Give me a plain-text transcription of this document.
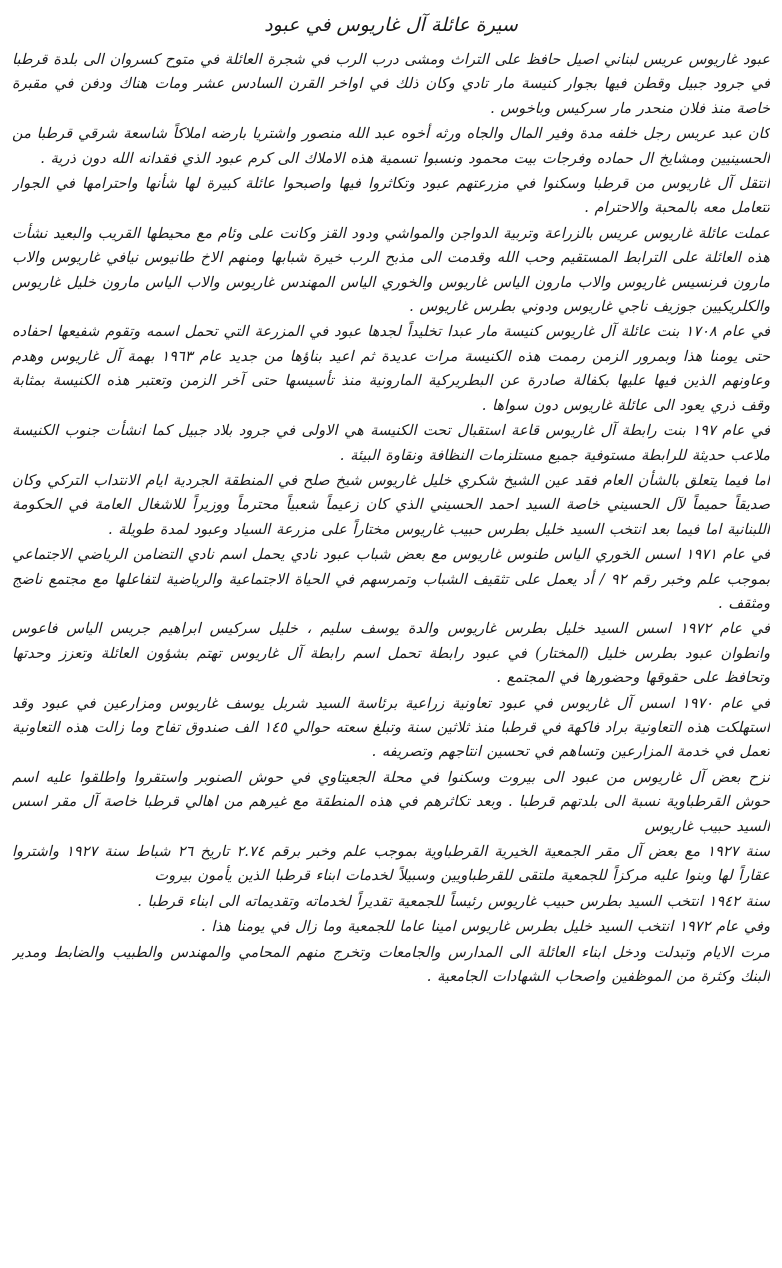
سيرة عائلة آل غاريوس في عبود

عبود غاريوس عريس لبناني اصيل حافظ على التراث ومشى درب الرب في شجرة العائلة في متوح كسروان الى بلدة قرطبا في جرود جبيل وقطن فيها بجوار كنيسة مار تادي وكان ذلك في اواخر القرن السادس عشر ومات هناك ودفن في مقبرة خاصة منذ فلان منحدر مار سركيس وباخوس .

كان عبد عريس رجل خلفه مدة وفير المال والجاه ورثه أخوه عبد الله منصور واشتريا بارضه املاكاً شاسعة شرقي قرطبا من الحسينيين ومشايخ ال حماده وفرجات بيت محمود ونسبوا تسمية هذه الاملاك الى كرم عبود الذي فقدانه الله دون ذرية .

انتقل آل غاريوس من قرطبا وسكنوا في مزرعتهم عبود وتكاثروا فيها واصبحوا عائلة كبيرة لها شأنها واحترامها في الجوار تتعامل معه بالمحبة والاحترام .

عملت عائلة غاريوس عريس بالزراعة وتربية الدواجن والمواشي ودود القز وكانت على وئام مع محيطها القريب والبعيد نشأت هذه العائلة على الترابط المستقيم وحب الله وقدمت الى مذبح الرب خيرة شبابها ومنهم الاخ طانيوس نيافي غاريوس والاب مارون فرنسيس غاريوس والاب مارون الياس غاريوس والخوري الياس المهندس غاريوس والاب الياس مارون خليل غاريوس والكلريكيين جوزيف ناجي غاريوس ودوني بطرس غاريوس .

في عام ١٧٠٨ بنت عائلة آل غاريوس كنيسة مار عبدا تخليداً لجدها عبود في المزرعة التي تحمل اسمه وتقوم شفيعها احفاده حتى يومنا هذا وبمرور الزمن رممت هذه الكنيسة مرات عديدة ثم اعيد بناؤها من جديد عام ١٩٦٣ بهمة آل غاريوس وهدم وعاونهم الذين فيها عليها بكفالة صادرة عن البطريركية المارونية منذ تأسيسها حتى آخر الزمن وتعتبر هذه الكنيسة بمثابة وقف ذري يعود الى عائلة غاريوس دون سواها .

في عام ١٩٧ بنت رابطة آل غاريوس قاعة استقبال تحت الكنيسة هي الاولى في جرود بلاد جبيل كما انشأت جنوب الكنيسة ملاعب حديثة للرابطة مستوفية جميع مستلزمات النظافة ونقاوة البيئة .

اما فيما يتعلق بالشأن العام فقد عين الشيخ شكري خليل غاريوس شيخ صلح في المنطقة الجردية ايام الانتداب التركي وكان صديقاً حميماً لآل الحسيني خاصة السيد احمد الحسيني الذي كان زعيماً شعبياً محترماً ووزيراً للاشغال العامة في الحكومة اللبنانية اما فيما بعد انتخب السيد خليل بطرس حبيب غاريوس مختاراً على مزرعة السياد وعبود لمدة طويلة .

في عام ١٩٧١ اسس الخوري الياس طنوس غاريوس مع بعض شباب عبود نادي يحمل اسم نادي التضامن الرياضي الاجتماعي بموجب علم وخبر رقم ٩٢ / أد يعمل على تثقيف الشباب وتمرسهم في الحياة الاجتماعية والرياضية لتفاعلها مع مجتمع ناضج ومثقف .

في عام ١٩٧٢ اسس السيد خليل بطرس غاريوس والدة يوسف سليم ، خليل سركيس ابراهيم جريس الياس فاعوس وانطوان عبود بطرس خليل (المختار) في عبود رابطة تحمل اسم رابطة آل غاريوس تهتم بشؤون العائلة وتعزز وحدتها وتحافظ على حقوقها وحضورها في المجتمع .

في عام ١٩٧٠ اسس آل غاريوس في عبود تعاونية زراعية برئاسة السيد شربل يوسف غاريوس ومزارعين في عبود وقد استهلكت هذه التعاونية براد فاكهة في قرطبا منذ ثلاثين سنة وتبلغ سعته حوالي ١٤٥ الف صندوق تفاح وما زالت هذه التعاونية تعمل في خدمة المزارعين وتساهم في تحسين انتاجهم وتصريفه .

نزح بعض آل غاريوس من عبود الى بيروت وسكنوا في محلة الجعيتاوي في حوش الصنوبر واستقروا واطلقوا عليه اسم حوش القرطباوية نسبة الى بلدتهم قرطبا . وبعد تكاثرهم في هذه المنطقة مع غيرهم من اهالي قرطبا خاصة آل مقر اسس السيد حبيب غاريوس

سنة ١٩٢٧ مع بعض آل مقر الجمعية الخيرية القرطباوية بموجب علم وخبر برقم ٢.٧٤ تاريخ ٢٦ شباط سنة ١٩٢٧ واشتروا عقاراً لها وبنوا عليه مركزاً للجمعية ملتقى للقرطباويين وسبيلاً لخدمات ابناء قرطبا الذين يأمون بيروت

سنة ١٩٤٢ انتخب السيد بطرس حبيب غاريوس رئيساً للجمعية تقديراً لخدماته وتقديماته الى ابناء قرطبا .

وفي عام ١٩٧٢ انتخب السيد خليل بطرس غاريوس امينا عاما للجمعية وما زال في يومنا هذا .

مرت الايام وتبدلت ودخل ابناء العائلة الى المدارس والجامعات وتخرج منهم المحامي والمهندس والطبيب والضابط ومدير البنك وكثرة من الموظفين واصحاب الشهادات الجامعية .
